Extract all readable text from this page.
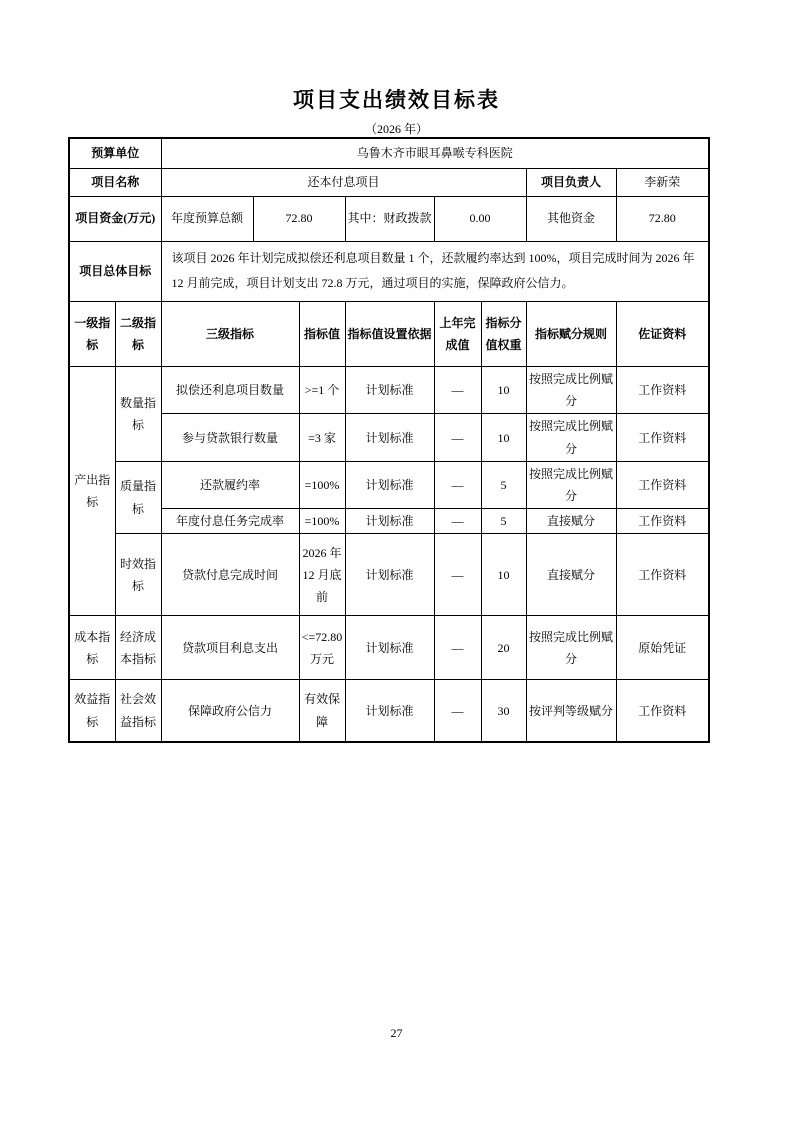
项目支出绩效目标表
（2026 年）
预算单位		乌鲁木齐市眼耳鼻喉专科医院							
项目名称		还本付息项目						项目负责人	李新荣
项目资金(万元)		年度预算总额	72.80		其中：财政拨款	0.00		其他资金	72.80
项目总体目标		该项目 2026 年计划完成拟偿还利息项目数量 1 个，还款履约率达到 100%，项目完成时间为 2026 年 12 月前完成，项目计划支出 72.8 万元，通过项目的实施，保障政府公信力。							
一级指标	二级指标	三级指标		指标值	指标值设置依据	上年完成值	指标分值权重	指标赋分规则	佐证资料
产出指标	数量指标	拟偿还利息项目数量		>=1 个	计划标准	—	10	按照完成比例赋分	工作资料
		参与贷款银行数量		=3 家	计划标准	—	10	按照完成比例赋分	工作资料
	质量指标	还款履约率		=100%	计划标准	—	5	按照完成比例赋分	工作资料
		年度付息任务完成率		=100%	计划标准	—	5	直接赋分	工作资料
	时效指标	贷款付息完成时间		2026 年 12 月底前	计划标准	—	10	直接赋分	工作资料
成本指标	经济成本指标	贷款项目利息支出		<=72.80 万元	计划标准	—	20	按照完成比例赋分	原始凭证
效益指标	社会效益指标	保障政府公信力		有效保障	计划标准	—	30	按评判等级赋分	工作资料
27
